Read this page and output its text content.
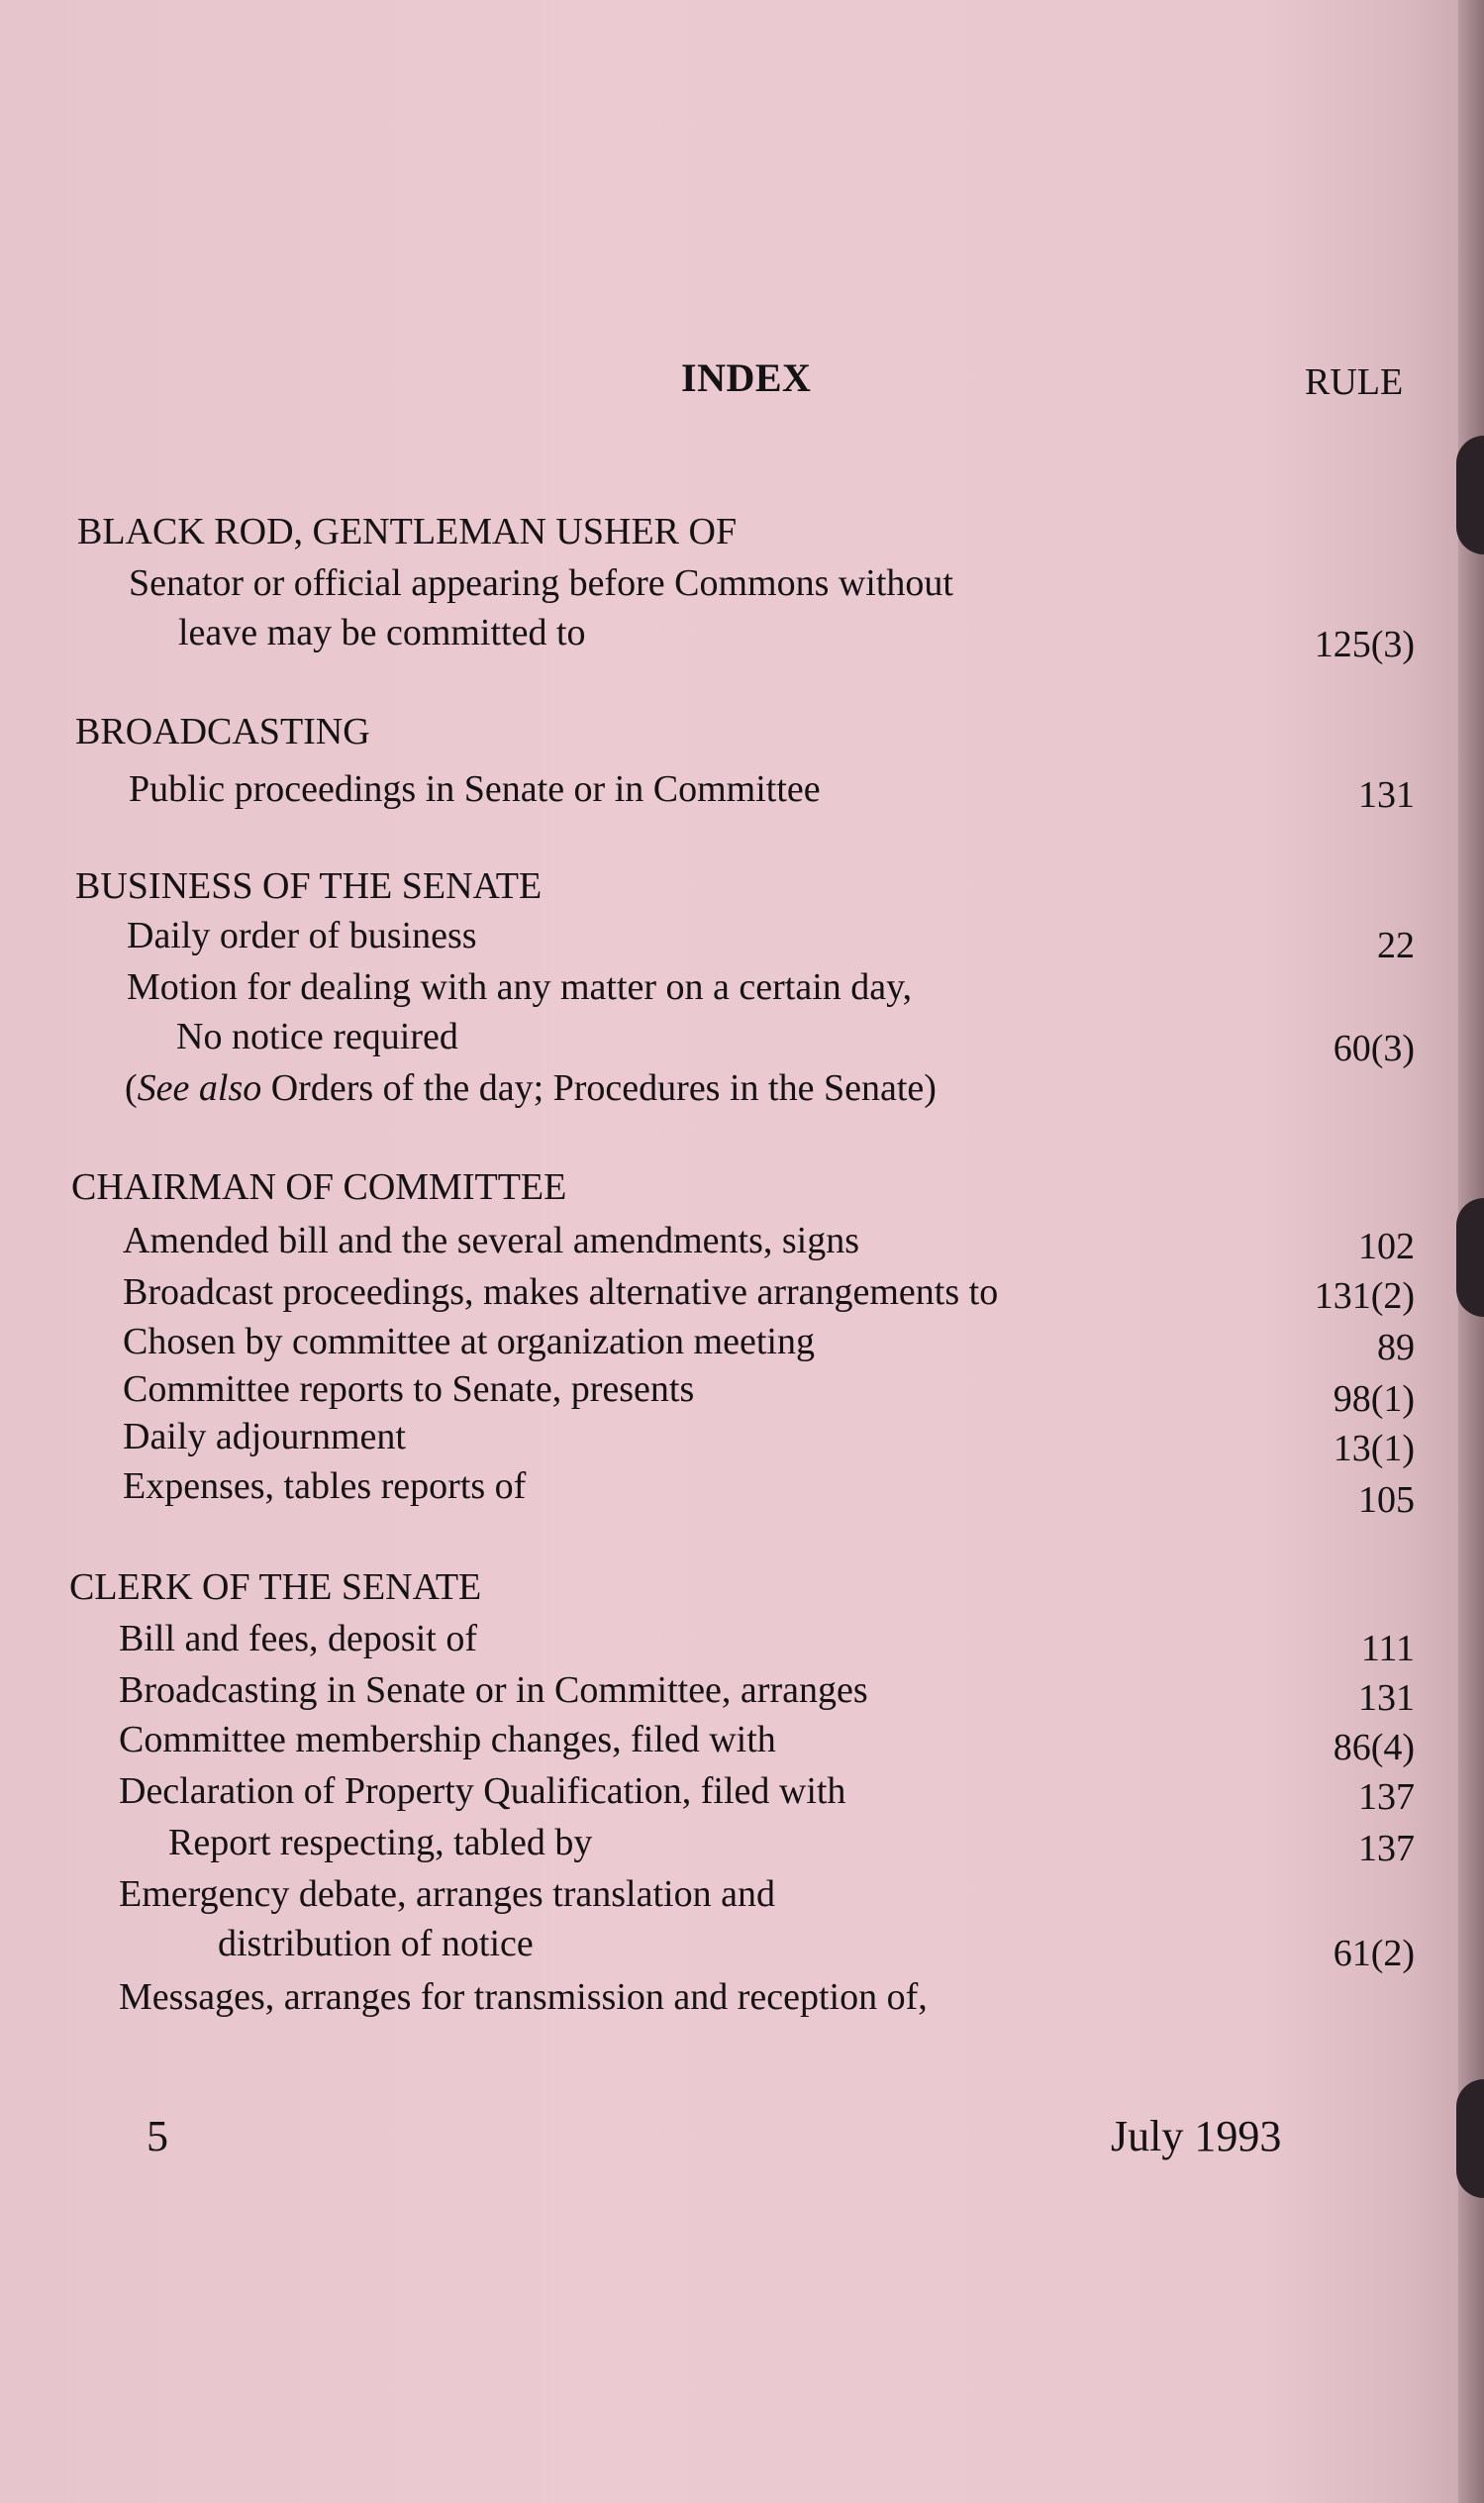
INDEX	RULE
BLACK ROD, GENTLEMAN USHER OF
Senator or official appearing before Commons without
leave may be committed to	125(3)
BROADCASTING
Public proceedings in Senate or in Committee	131
BUSINESS OF THE SENATE
Daily order of business	22
Motion for dealing with any matter on a certain day,
No notice required	60(3)
(See also Orders of the day; Procedures in the Senate)
CHAIRMAN OF COMMITTEE
Amended bill and the several amendments, signs	102
Broadcast proceedings, makes alternative arrangements to	131(2)
Chosen by committee at organization meeting	89
Committee reports to Senate, presents	98(1)
Daily adjournment	13(1)
Expenses, tables reports of	105
CLERK OF THE SENATE
Bill and fees, deposit of	111
Broadcasting in Senate or in Committee, arranges	131
Committee membership changes, filed with	86(4)
Declaration of Property Qualification, filed with	137
Report respecting, tabled by	137
Emergency debate, arranges translation and
distribution of notice	61(2)
Messages, arranges for transmission and reception of,
5	July 1993
